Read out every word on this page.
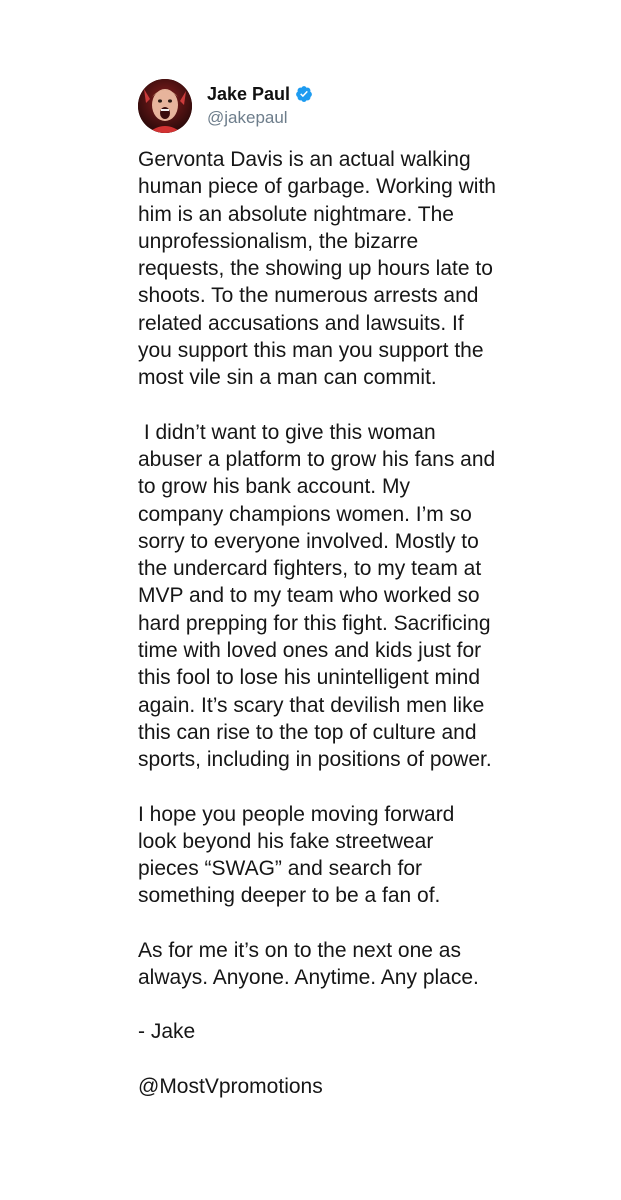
Jake Paul
@jakepaul

Gervonta Davis is an actual walking
human piece of garbage. Working with
him is an absolute nightmare. The
unprofessionalism, the bizarre
requests, the showing up hours late to
shoots. To the numerous arrests and
related accusations and lawsuits. If
you support this man you support the
most vile sin a man can commit.

I didn’t want to give this woman
abuser a platform to grow his fans and
to grow his bank account. My
company champions women. I’m so
sorry to everyone involved. Mostly to
the undercard fighters, to my team at
MVP and to my team who worked so
hard prepping for this fight. Sacrificing
time with loved ones and kids just for
this fool to lose his unintelligent mind
again. It’s scary that devilish men like
this can rise to the top of culture and
sports, including in positions of power.

I hope you people moving forward
look beyond his fake streetwear
pieces “SWAG” and search for
something deeper to be a fan of.

As for me it’s on to the next one as
always. Anyone. Anytime. Any place.

- Jake

@MostVpromotions
